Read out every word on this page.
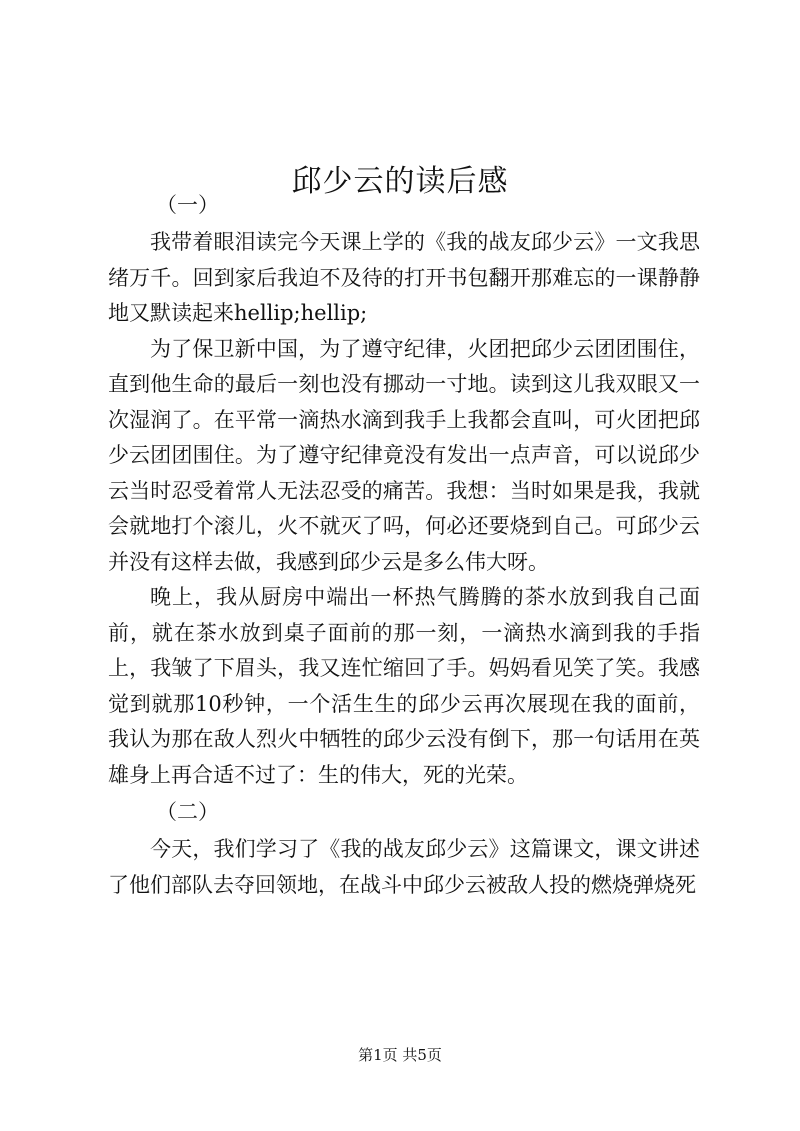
邱少云的读后感

（一）

我带着眼泪读完今天课上学的《我的战友邱少云》一文我思绪万千。回到家后我迫不及待的打开书包翻开那难忘的一课静静地又默读起来hellip;hellip;

为了保卫新中国，为了遵守纪律，火团把邱少云团团围住，直到他生命的最后一刻也没有挪动一寸地。读到这儿我双眼又一次湿润了。在平常一滴热水滴到我手上我都会直叫，可火团把邱少云团团围住。为了遵守纪律竟没有发出一点声音，可以说邱少云当时忍受着常人无法忍受的痛苦。我想：当时如果是我，我就会就地打个滚儿，火不就灭了吗，何必还要烧到自己。可邱少云并没有这样去做，我感到邱少云是多么伟大呀。

晚上，我从厨房中端出一杯热气腾腾的茶水放到我自己面前，就在茶水放到桌子面前的那一刻，一滴热水滴到我的手指上，我皱了下眉头，我又连忙缩回了手。妈妈看见笑了笑。我感觉到就那10秒钟，一个活生生的邱少云再次展现在我的面前，我认为那在敌人烈火中牺牲的邱少云没有倒下，那一句话用在英雄身上再合适不过了：生的伟大，死的光荣。

（二）

今天，我们学习了《我的战友邱少云》这篇课文，课文讲述了他们部队去夺回领地，在战斗中邱少云被敌人投的燃烧弹烧死

第1页 共5页
